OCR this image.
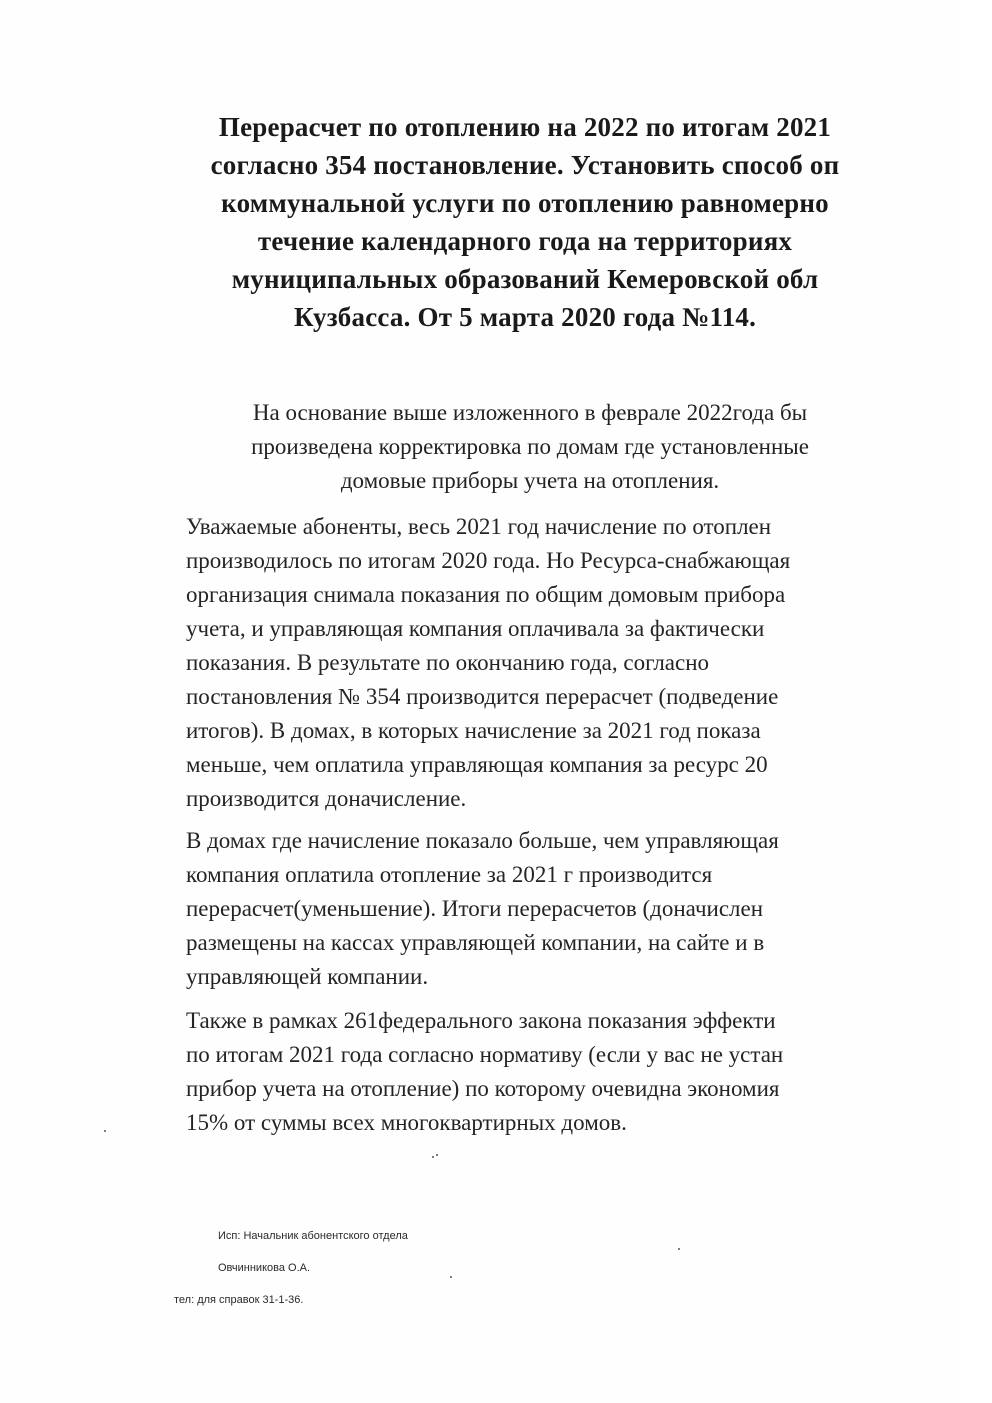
Перерасчет по отоплению на 2022 по итогам 2021
согласно 354 постановление. Установить способ оп
коммунальной услуги по отоплению равномерно
течение календарного года на территориях
муниципальных образований Кемеровской обл
Кузбасса. От 5 марта 2020 года №114.
На основание выше изложенного в феврале 2022года бы
произведена корректировка по домам где установленные
домовые приборы учета на отопления.
Уважаемые абоненты, весь 2021 год начисление по отоплен
производилось по итогам 2020 года. Но Ресурса-снабжающая
организация снимала показания по общим домовым прибора
учета, и управляющая компания оплачивала за фактически
показания. В результате по окончанию года, согласно
постановления № 354 производится перерасчет (подведение
итогов). В домах, в которых начисление за 2021 год показа
меньше, чем оплатила управляющая компания за ресурс 20
производится доначисление.
В домах где начисление показало больше, чем управляющая
компания оплатила отопление за 2021 г производится
перерасчет(уменьшение). Итоги перерасчетов (доначислен
размещены на кассах управляющей компании, на сайте и в
управляющей компании.
Также в рамках 261федерального закона показания эффекти
по итогам 2021 года согласно нормативу (если у вас не устан
прибор учета на отопление) по которому очевидна экономия
15% от суммы всех многоквартирных домов.
Исп: Начальник абонентского отдела
Овчинникова О.А.
тел: для справок 31-1-36.
